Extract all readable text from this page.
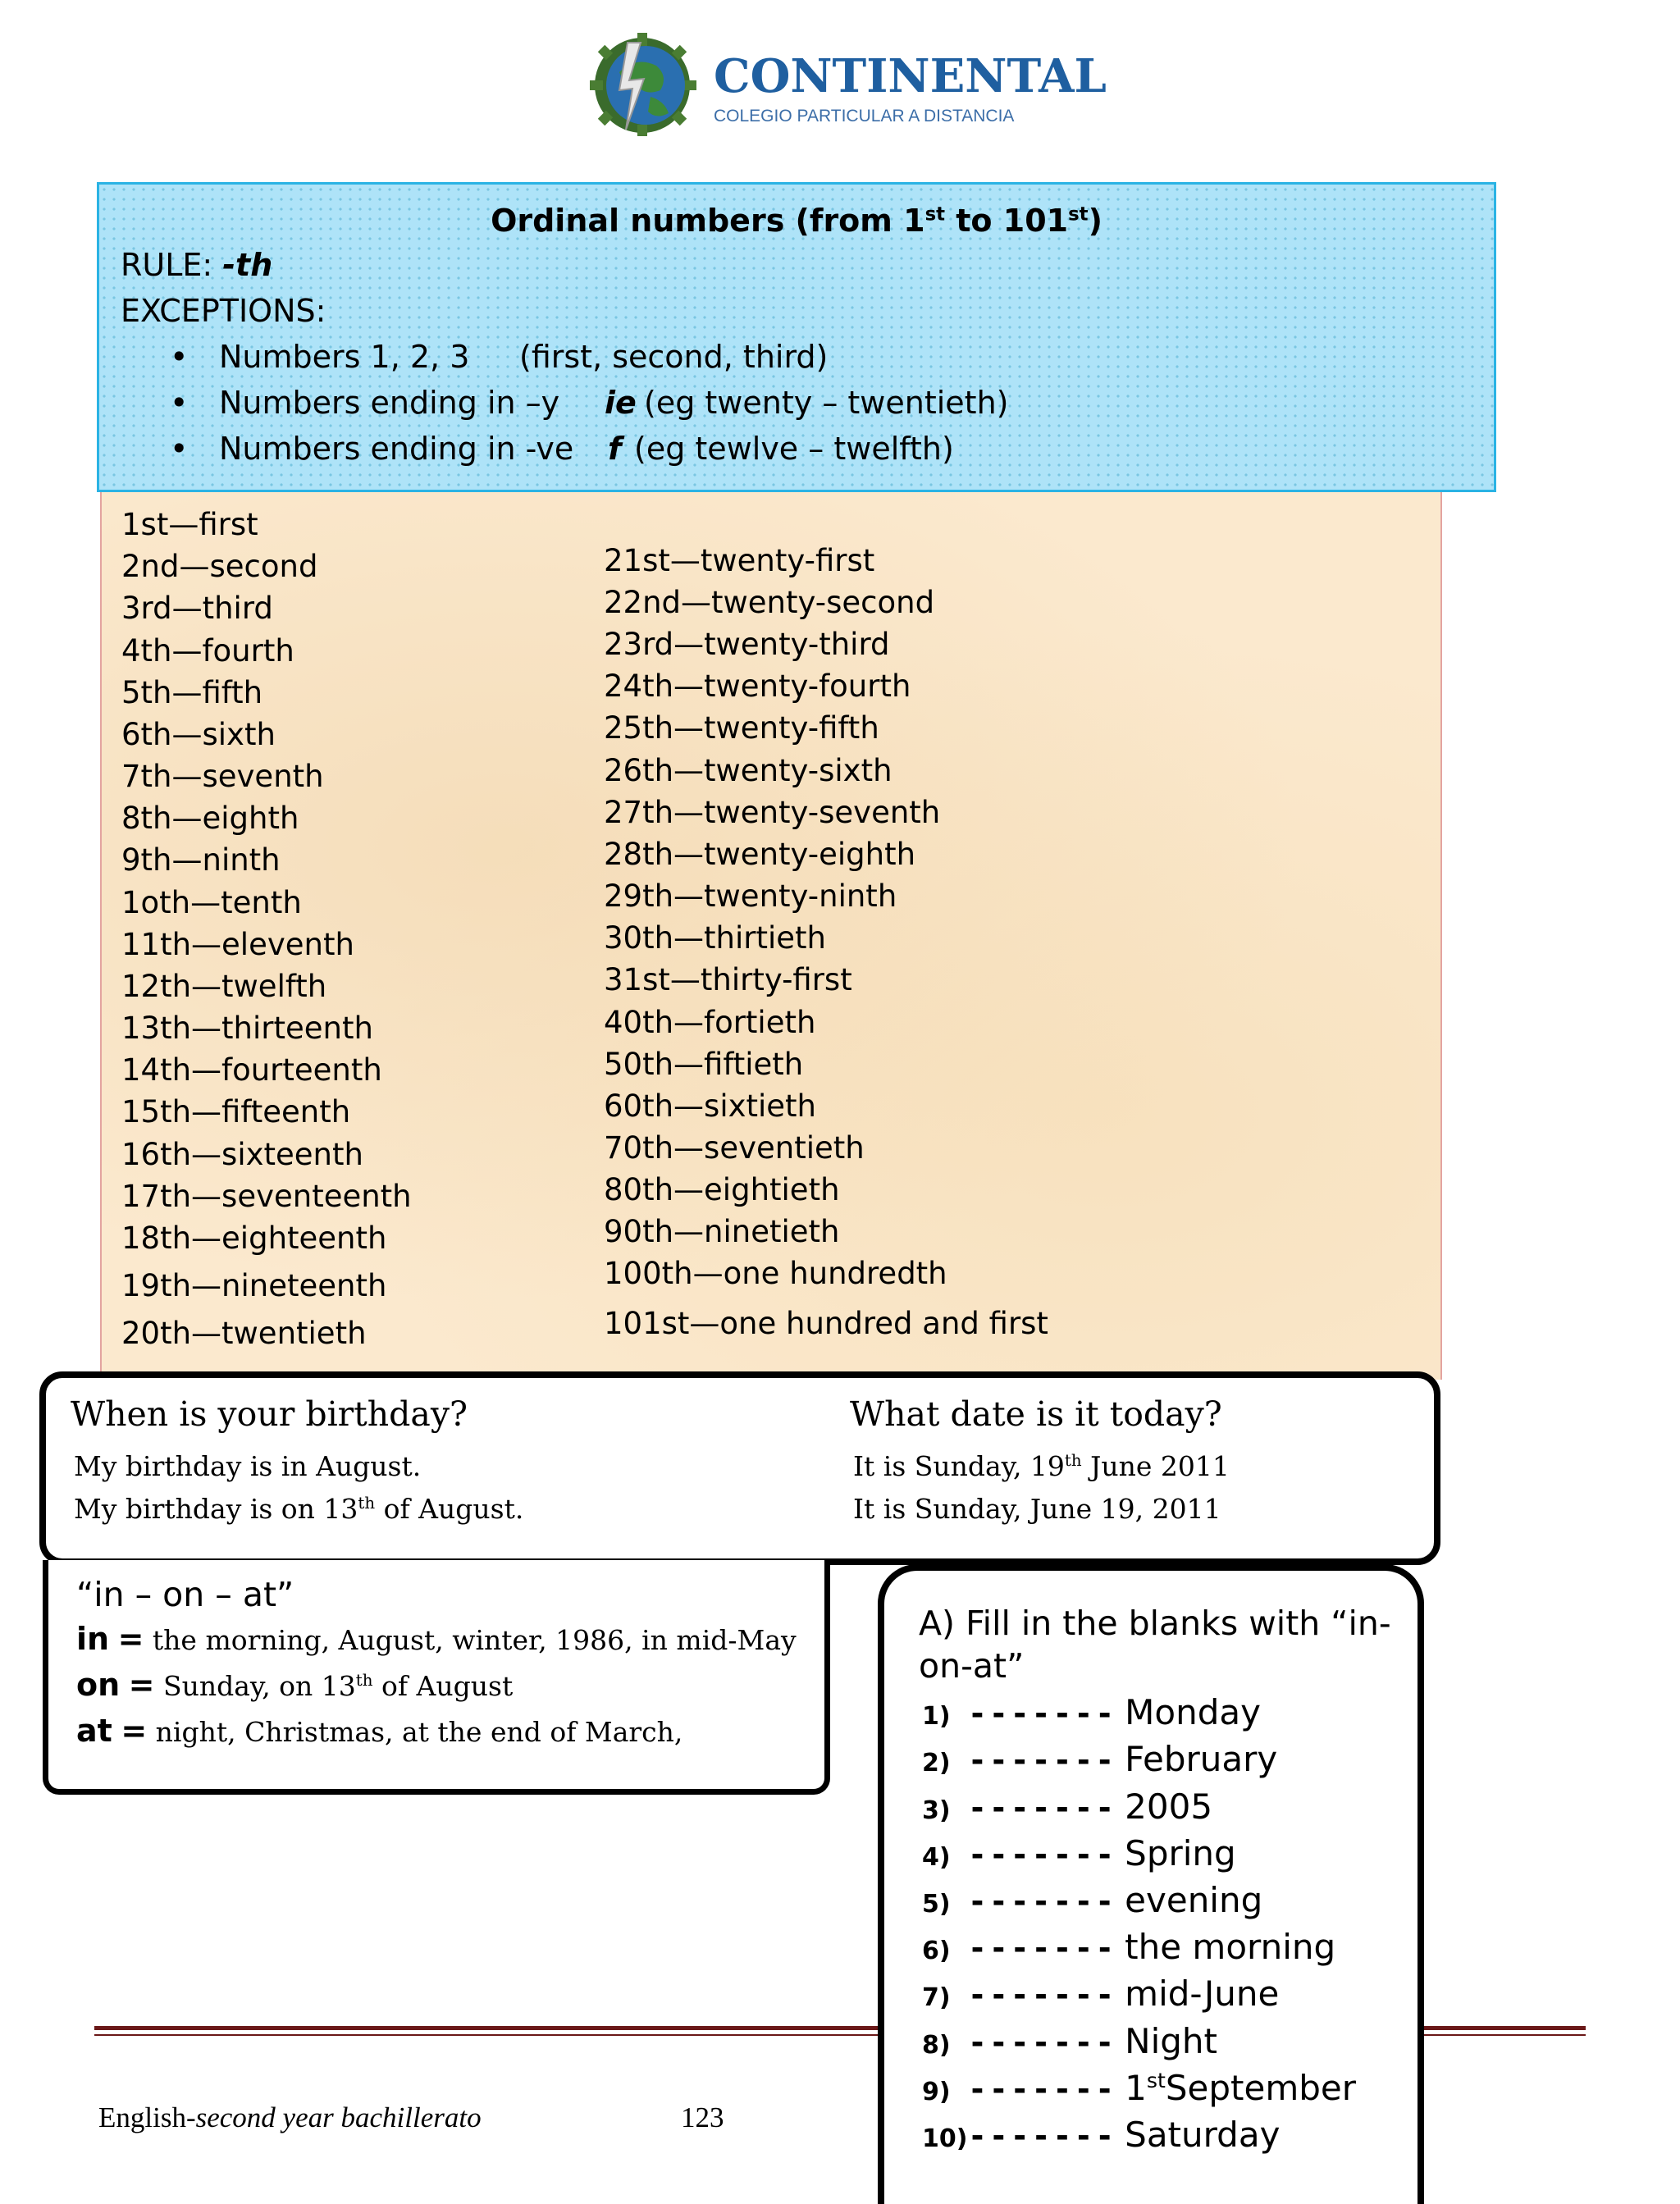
CONTINENTAL
COLEGIO PARTICULAR A DISTANCIA
Ordinal numbers (from 1st to 101st)
RULE: -th
EXCEPTIONS:
• Numbers 1, 2, 3 (first, second, third)
• Numbers ending in –y ie (eg twenty – twentieth)
• Numbers ending in -ve f (eg tewlve – twelfth)
1st—first
2nd—second
3rd—third
4th—fourth
5th—fifth
6th—sixth
7th—seventh
8th—eighth
9th—ninth
1oth—tenth
11th—eleventh
12th—twelfth
13th—thirteenth
14th—fourteenth
15th—fifteenth
16th—sixteenth
17th—seventeenth
18th—eighteenth
19th—nineteenth
20th—twentieth
21st—twenty-first
22nd—twenty-second
23rd—twenty-third
24th—twenty-fourth
25th—twenty-fifth
26th—twenty-sixth
27th—twenty-seventh
28th—twenty-eighth
29th—twenty-ninth
30th—thirtieth
31st—thirty-first
40th—fortieth
50th—fiftieth
60th—sixtieth
70th—seventieth
80th—eightieth
90th—ninetieth
100th—one hundredth
101st—one hundred and first
When is your birthday?
My birthday is in August.
My birthday is on 13th of August.
What date is it today?
It is Sunday, 19th June 2011
It is Sunday, June 19, 2011
“in – on – at”
in = the morning, August, winter, 1986, in mid-May
on = Sunday, on 13th of August
at = night, Christmas, at the end of March,
A) Fill in the blanks with “in-on-at”
1) ------- Monday
2) ------- February
3) ------- 2005
4) ------- Spring
5) ------- evening
6) ------- the morning
7) ------- mid-June
8) ------- Night
9) ------- 1stSeptember
10)------- Saturday
English-second year bachillerato	123
